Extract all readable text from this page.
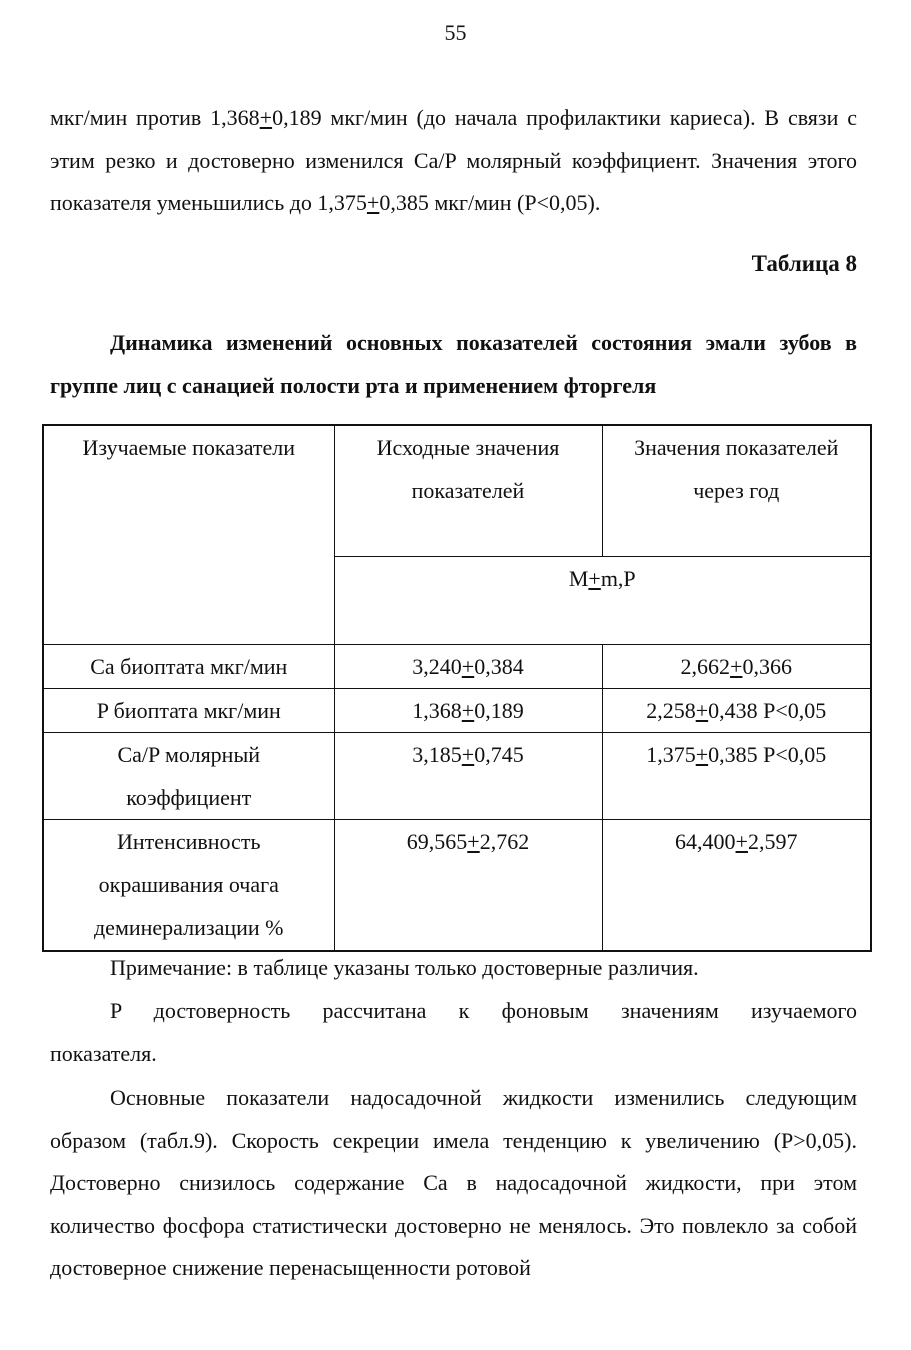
55

мкг/мин против 1,368+0,189 мкг/мин (до начала профилактики кариеса). В связи с этим резко и достоверно изменился Ca/P молярный коэффициент. Значения этого показателя уменьшились до 1,375+0,385 мкг/мин (P<0,05).

Таблица 8

Динамика изменений основных показателей состояния эмали зубов в группе лиц с санацией полости рта и применением фторгеля

Изучаемые показатели	Исходные значения показателей	Значения показателей через год
	M+m,P	
Ca биоптата мкг/мин	3,240+0,384	2,662+0,366
P биоптата мкг/мин	1,368+0,189	2,258+0,438 P<0,05
Ca/P молярный коэффициент	3,185+0,745	1,375+0,385 P<0,05
Интенсивность окрашивания очага деминерализации %	69,565+2,762	64,400+2,597

Примечание: в таблице указаны только достоверные различия.

P достоверность рассчитана к фоновым значениям изучаемого показателя.

Основные показатели надосадочной жидкости изменились следующим образом (табл.9). Скорость секреции имела тенденцию к увеличению (P>0,05). Достоверно снизилось содержание Ca в надосадочной жидкости, при этом количество фосфора статистически достоверно не менялось. Это повлекло за собой достоверное снижение перенасыщенности ротовой
